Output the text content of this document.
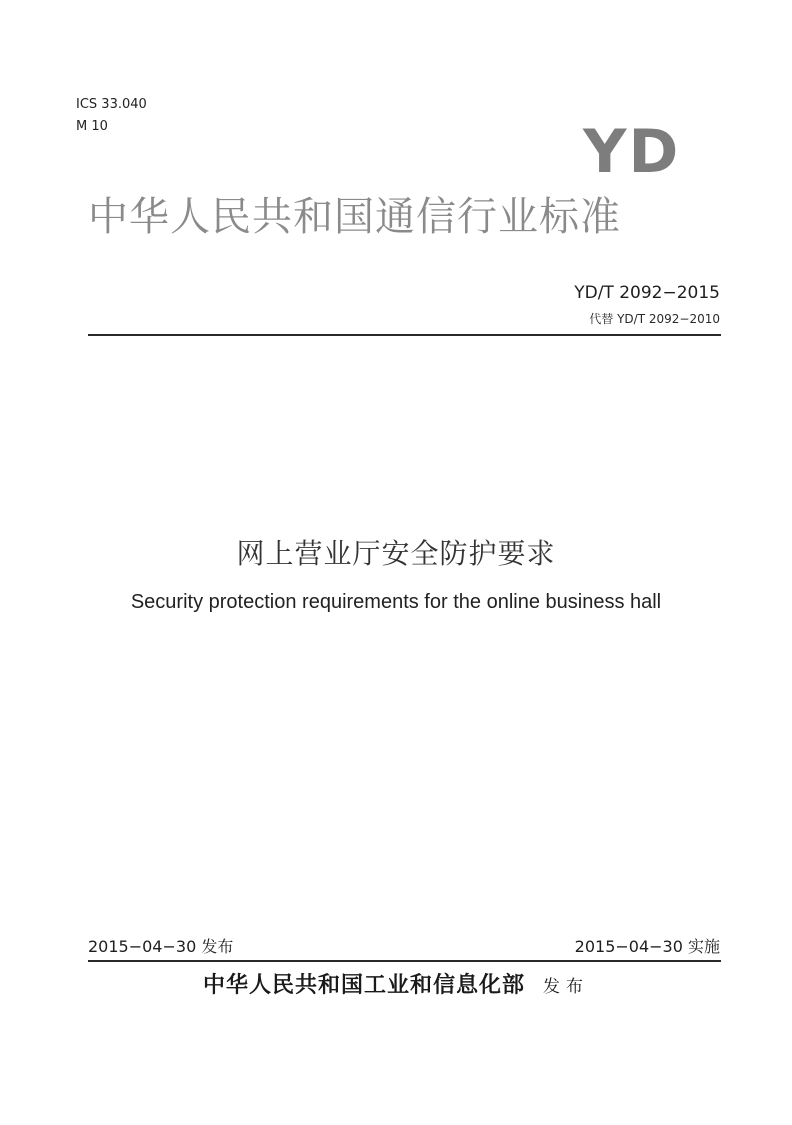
ICS 33.040
M 10	YD
中华人民共和国通信行业标准
YD/T 2092−2015
代替 YD/T 2092−2010
网上营业厅安全防护要求
Security protection requirements for the online business hall
2015−04−30 发布	2015−04−30 实施
中华人民共和国工业和信息化部 发布
